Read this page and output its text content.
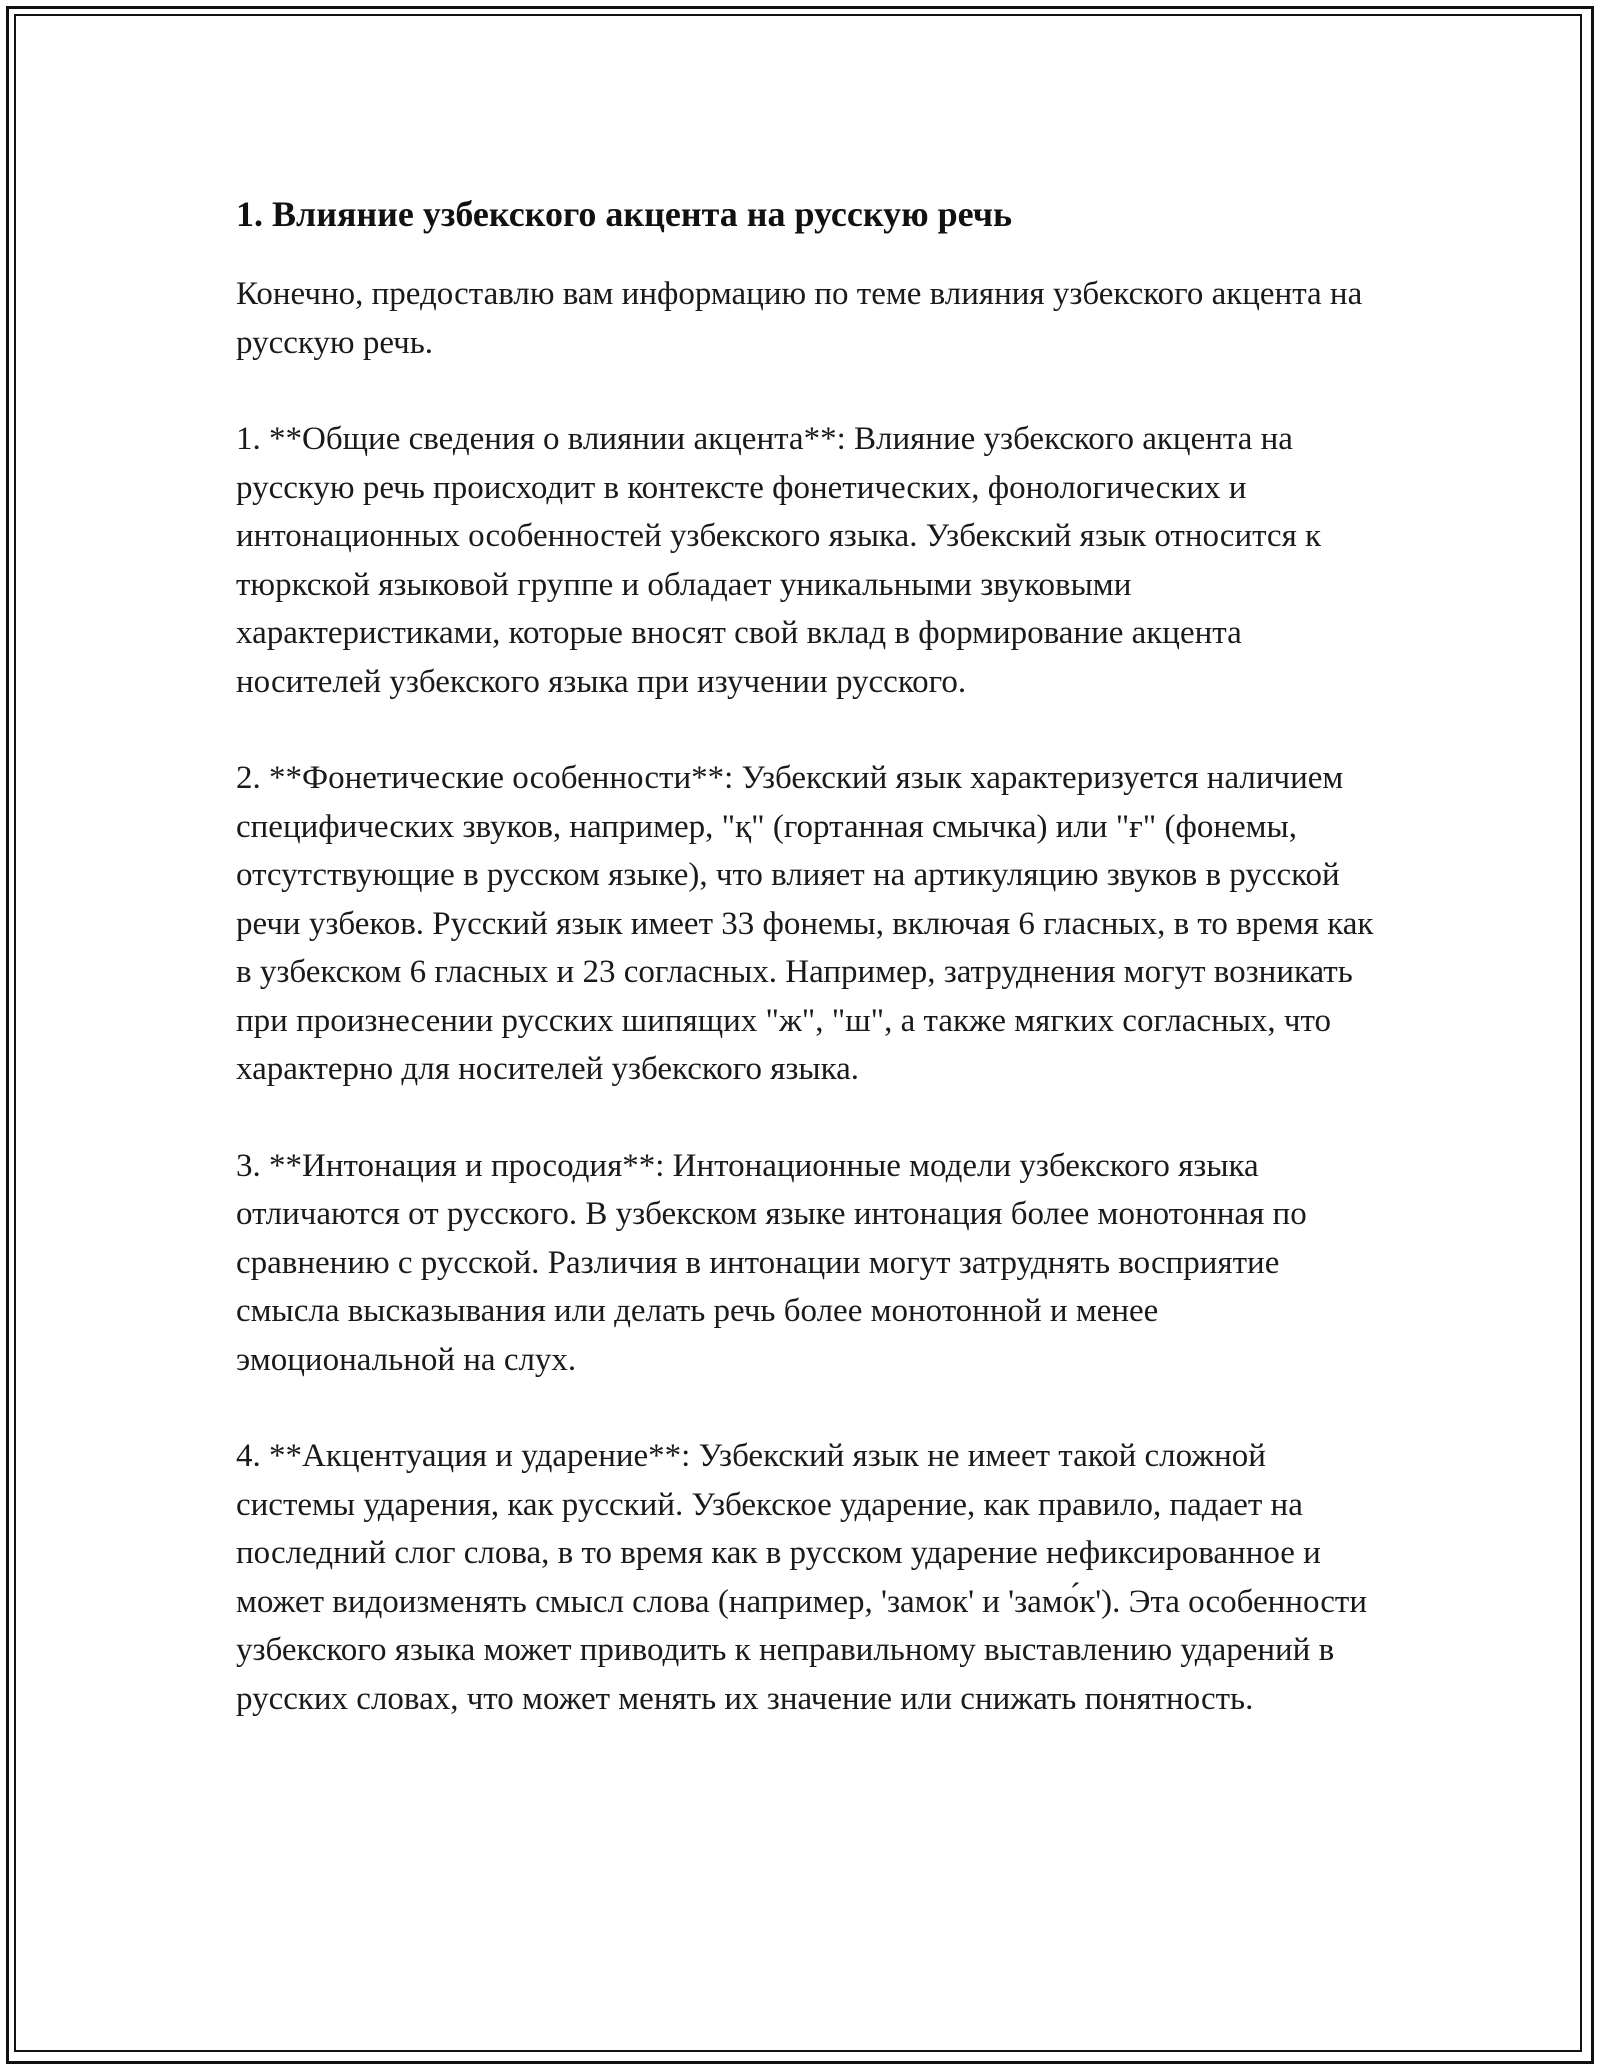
1. Влияние узбекского акцента на русскую речь

Конечно, предоставлю вам информацию по теме влияния узбекского акцента на русскую речь.

1. **Общие сведения о влиянии акцента**: Влияние узбекского акцента на русскую речь происходит в контексте фонетических, фонологических и интонационных особенностей узбекского языка. Узбекский язык относится к тюркской языковой группе и обладает уникальными звуковыми характеристиками, которые вносят свой вклад в формирование акцента носителей узбекского языка при изучении русского.

2. **Фонетические особенности**: Узбекский язык характеризуется наличием специфических звуков, например, "қ" (гортанная смычка) или "ғ" (фонемы, отсутствующие в русском языке), что влияет на артикуляцию звуков в русской речи узбеков. Русский язык имеет 33 фонемы, включая 6 гласных, в то время как в узбекском 6 гласных и 23 согласных. Например, затруднения могут возникать при произнесении русских шипящих "ж", "ш", а также мягких согласных, что характерно для носителей узбекского языка.

3. **Интонация и просодия**: Интонационные модели узбекского языка отличаются от русского. В узбекском языке интонация более монотонная по сравнению с русской. Различия в интонации могут затруднять восприятие смысла высказывания или делать речь более монотонной и менее эмоциональной на слух.

4. **Акцентуация и ударение**: Узбекский язык не имеет такой сложной системы ударения, как русский. Узбекское ударение, как правило, падает на последний слог слова, в то время как в русском ударение нефиксированное и может видоизменять смысл слова (например, 'замок' и 'замо́к'). Эта особенности узбекского языка может приводить к неправильному выставлению ударений в русских словах, что может менять их значение или снижать понятность.
